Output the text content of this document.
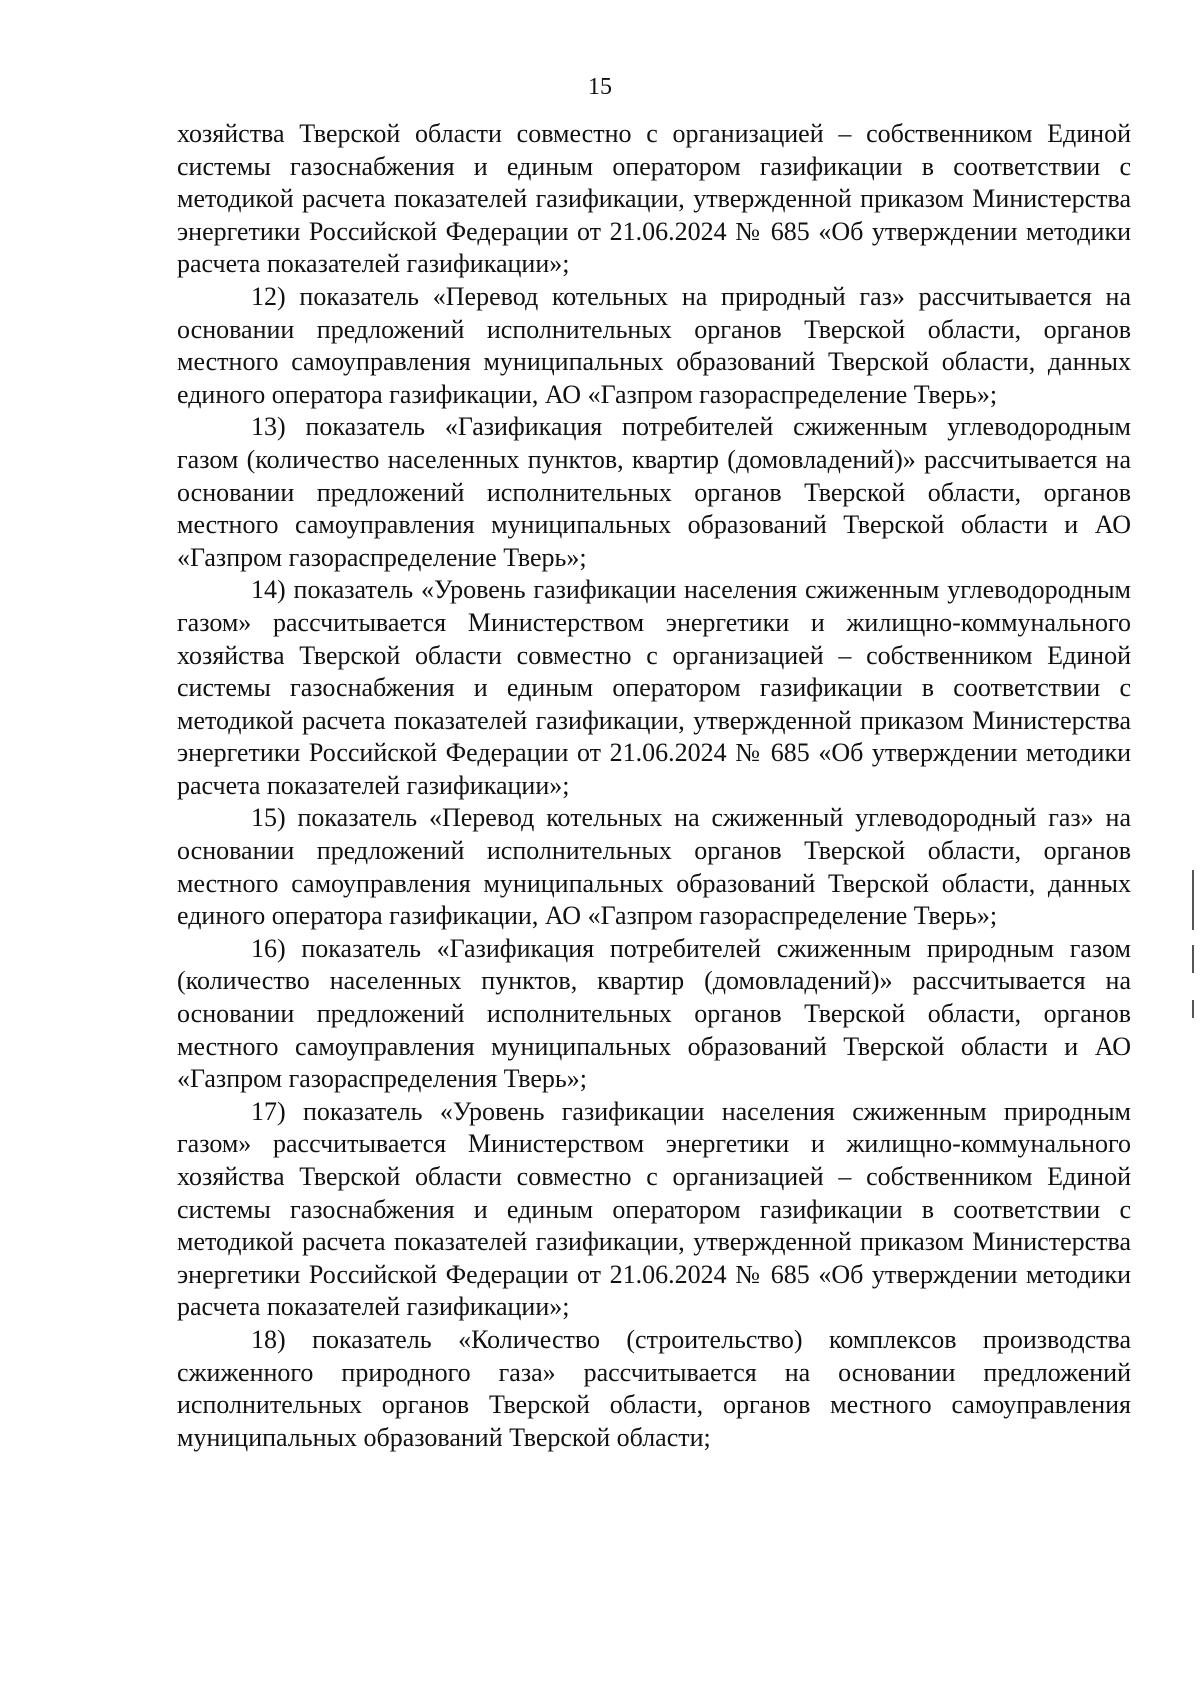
15

хозяйства Тверской области совместно с организацией – собственником Единой системы газоснабжения и единым оператором газификации в соответствии с методикой расчета показателей газификации, утвержденной приказом Министерства энергетики Российской Федерации от 21.06.2024 № 685 «Об утверждении методики расчета показателей газификации»;

12) показатель «Перевод котельных на природный газ» рассчитывается на основании предложений исполнительных органов Тверской области, органов местного самоуправления муниципальных образований Тверской области, данных единого оператора газификации, АО «Газпром газораспределение Тверь»;

13) показатель «Газификация потребителей сжиженным углеводородным газом (количество населенных пунктов, квартир (домовладений)» рассчитывается на основании предложений исполнительных органов Тверской области, органов местного самоуправления муниципальных образований Тверской области и АО «Газпром газораспределение Тверь»;

14) показатель «Уровень газификации населения сжиженным углеводородным газом» рассчитывается Министерством энергетики и жилищно-коммунального хозяйства Тверской области совместно с организацией – собственником Единой системы газоснабжения и единым оператором газификации в соответствии с методикой расчета показателей газификации, утвержденной приказом Министерства энергетики Российской Федерации от 21.06.2024 № 685 «Об утверждении методики расчета показателей газификации»;

15) показатель «Перевод котельных на сжиженный углеводородный газ» на основании предложений исполнительных органов Тверской области, органов местного самоуправления муниципальных образований Тверской области, данных единого оператора газификации, АО «Газпром газораспределение Тверь»;

16) показатель «Газификация потребителей сжиженным природным газом (количество населенных пунктов, квартир (домовладений)» рассчитывается на основании предложений исполнительных органов Тверской области, органов местного самоуправления муниципальных образований Тверской области и АО «Газпром газораспределения Тверь»;

17) показатель «Уровень газификации населения сжиженным природным газом» рассчитывается Министерством энергетики и жилищно-коммунального хозяйства Тверской области совместно с организацией – собственником Единой системы газоснабжения и единым оператором газификации в соответствии с методикой расчета показателей газификации, утвержденной приказом Министерства энергетики Российской Федерации от 21.06.2024 № 685 «Об утверждении методики расчета показателей газификации»;

18) показатель «Количество (строительство) комплексов производства сжиженного природного газа» рассчитывается на основании предложений исполнительных органов Тверской области, органов местного самоуправления муниципальных образований Тверской области;
